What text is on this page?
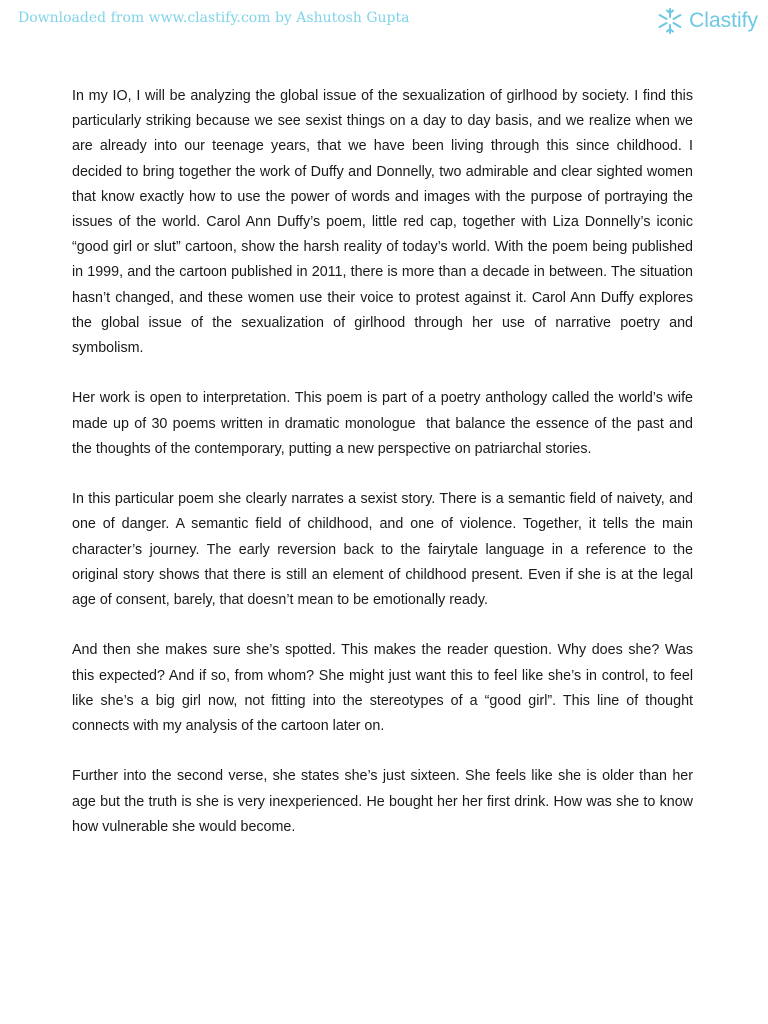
Downloaded from www.clastify.com by Ashutosh Gupta	Clastify

In my IO, I will be analyzing the global issue of the sexualization of girlhood by society. I find this particularly striking because we see sexist things on a day to day basis, and we realize when we are already into our teenage years, that we have been living through this since childhood. I decided to bring together the work of Duffy and Donnelly, two admirable and clear sighted women that know exactly how to use the power of words and images with the purpose of portraying the issues of the world. Carol Ann Duffy’s poem, little red cap, together with Liza Donnelly’s iconic “good girl or slut” cartoon, show the harsh reality of today’s world. With the poem being published in 1999, and the cartoon published in 2011, there is more than a decade in between. The situation hasn’t changed, and these women use their voice to protest against it. Carol Ann Duffy explores the global issue of the sexualization of girlhood through her use of narrative poetry and symbolism.

Her work is open to interpretation. This poem is part of a poetry anthology called the world’s wife made up of 30 poems written in dramatic monologue  that balance the essence of the past and the thoughts of the contemporary, putting a new perspective on patriarchal stories.

In this particular poem she clearly narrates a sexist story. There is a semantic field of naivety, and one of danger. A semantic field of childhood, and one of violence. Together, it tells the main character’s journey. The early reversion back to the fairytale language in a reference to the original story shows that there is still an element of childhood present. Even if she is at the legal age of consent, barely, that doesn’t mean to be emotionally ready.

And then she makes sure she’s spotted. This makes the reader question. Why does she? Was this expected? And if so, from whom? She might just want this to feel like she’s in control, to feel like she’s a big girl now, not fitting into the stereotypes of a “good girl”. This line of thought connects with my analysis of the cartoon later on.

Further into the second verse, she states she’s just sixteen. She feels like she is older than her age but the truth is she is very inexperienced. He bought her her first drink. How was she to know how vulnerable she would become.
